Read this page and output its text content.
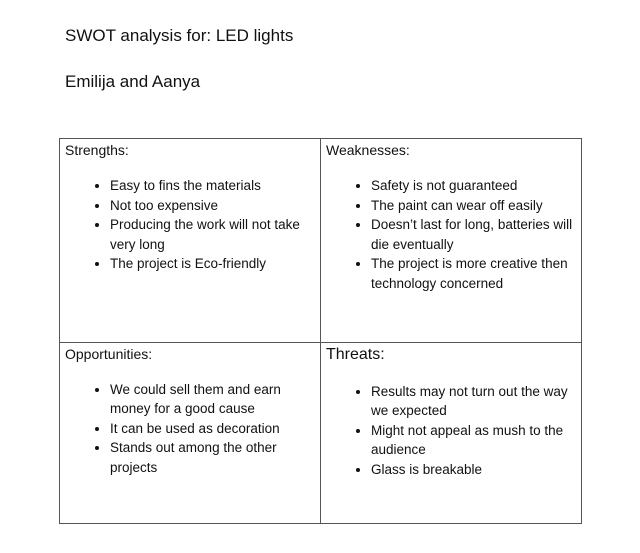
SWOT analysis for: LED lights

Emilija and Aanya

Strengths:

• Easy to fins the materials
• Not too expensive
• Producing the work will not take very long
• The project is Eco-friendly

Weaknesses:

• Safety is not guaranteed
• The paint can wear off easily
• Doesn’t last for long, batteries will die eventually
• The project is more creative then technology concerned

Opportunities:

• We could sell them and earn money for a good cause
• It can be used as decoration
• Stands out among the other projects

Threats:

• Results may not turn out the way we expected
• Might not appeal as mush to the audience
• Glass is breakable
